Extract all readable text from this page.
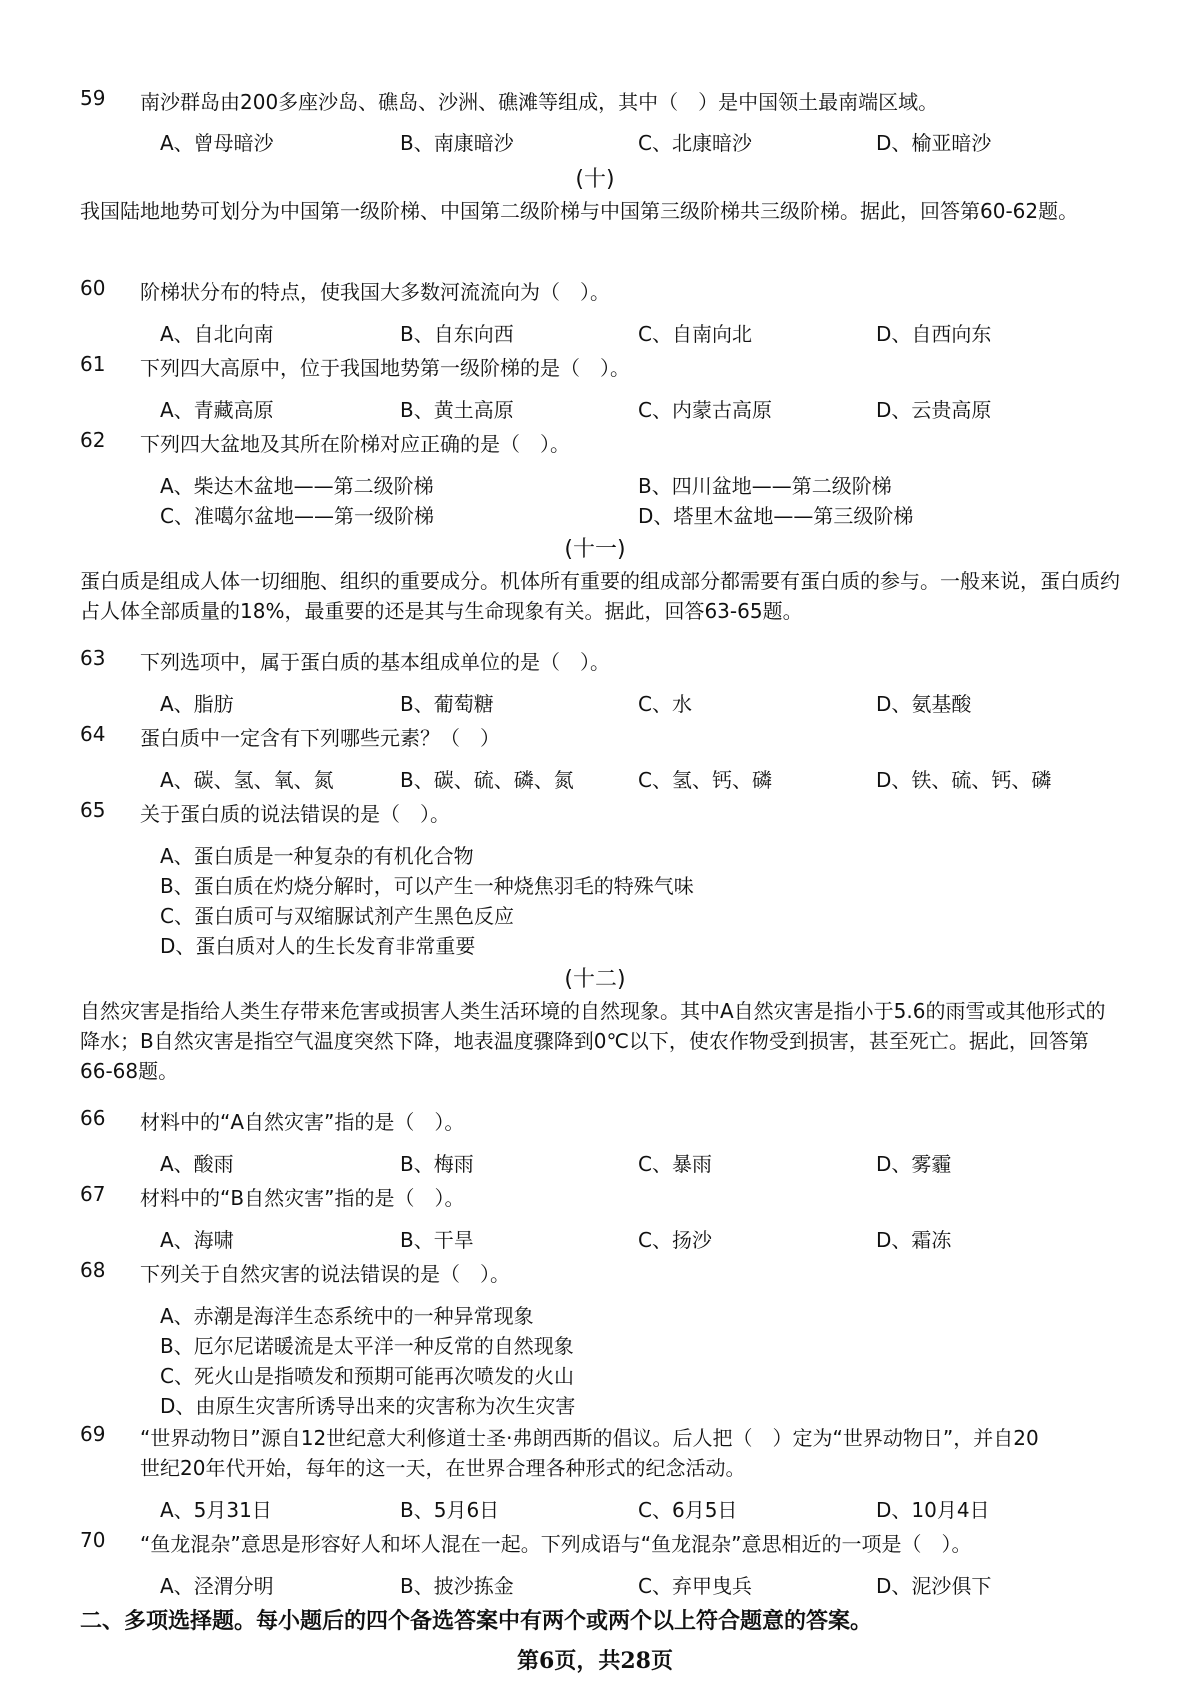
59 南沙群岛由200多座沙岛、礁岛、沙洲、礁滩等组成，其中（　）是中国领土最南端区域。
A、曾母暗沙	B、南康暗沙	C、北康暗沙	D、榆亚暗沙
(十)
我国陆地地势可划分为中国第一级阶梯、中国第二级阶梯与中国第三级阶梯共三级阶梯。据此，回答第60-62题。
60 阶梯状分布的特点，使我国大多数河流流向为（　）。
A、自北向南	B、自东向西	C、自南向北	D、自西向东
61 下列四大高原中，位于我国地势第一级阶梯的是（　）。
A、青藏高原	B、黄土高原	C、内蒙古高原	D、云贵高原
62 下列四大盆地及其所在阶梯对应正确的是（　）。
A、柴达木盆地——第二级阶梯	B、四川盆地——第二级阶梯
C、准噶尔盆地——第一级阶梯	D、塔里木盆地——第三级阶梯
(十一)
蛋白质是组成人体一切细胞、组织的重要成分。机体所有重要的组成部分都需要有蛋白质的参与。一般来说，蛋白质约占人体全部质量的18%，最重要的还是其与生命现象有关。据此，回答63-65题。
63 下列选项中，属于蛋白质的基本组成单位的是（　）。
A、脂肪	B、葡萄糖	C、水	D、氨基酸
64 蛋白质中一定含有下列哪些元素？（　）
A、碳、氢、氧、氮	B、碳、硫、磷、氮	C、氢、钙、磷	D、铁、硫、钙、磷
65 关于蛋白质的说法错误的是（　）。
A、蛋白质是一种复杂的有机化合物
B、蛋白质在灼烧分解时，可以产生一种烧焦羽毛的特殊气味
C、蛋白质可与双缩脲试剂产生黑色反应
D、蛋白质对人的生长发育非常重要
(十二)
自然灾害是指给人类生存带来危害或损害人类生活环境的自然现象。其中A自然灾害是指小于5.6的雨雪或其他形式的降水；B自然灾害是指空气温度突然下降，地表温度骤降到0℃以下，使农作物受到损害，甚至死亡。据此，回答第66-68题。
66 材料中的“A自然灾害”指的是（　）。
A、酸雨	B、梅雨	C、暴雨	D、雾霾
67 材料中的“B自然灾害”指的是（　）。
A、海啸	B、干旱	C、扬沙	D、霜冻
68 下列关于自然灾害的说法错误的是（　）。
A、赤潮是海洋生态系统中的一种异常现象
B、厄尔尼诺暖流是太平洋一种反常的自然现象
C、死火山是指喷发和预期可能再次喷发的火山
D、由原生灾害所诱导出来的灾害称为次生灾害
69 “世界动物日”源自12世纪意大利修道士圣·弗朗西斯的倡议。后人把（　）定为“世界动物日”，并自20
世纪20年代开始，每年的这一天，在世界合理各种形式的纪念活动。
A、5月31日	B、5月6日	C、6月5日	D、10月4日
70 “鱼龙混杂”意思是形容好人和坏人混在一起。下列成语与“鱼龙混杂”意思相近的一项是（　）。
A、泾渭分明	B、披沙拣金	C、弃甲曳兵	D、泥沙俱下
二、多项选择题。每小题后的四个备选答案中有两个或两个以上符合题意的答案。
第6页，共28页
